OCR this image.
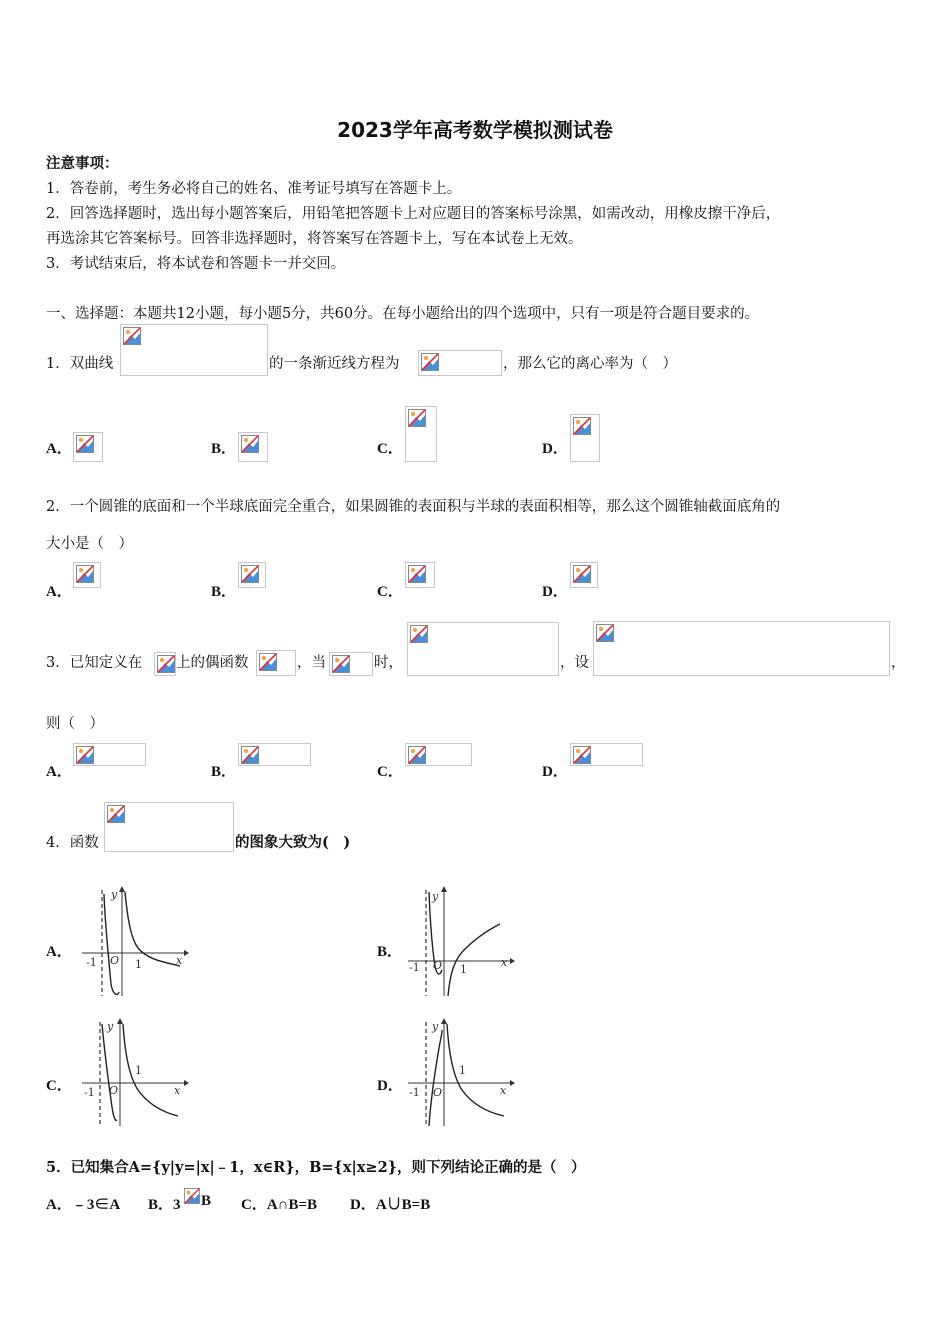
2023学年高考数学模拟测试卷
注意事项：
1．答卷前，考生务必将自己的姓名、准考证号填写在答题卡上。
2．回答选择题时，选出每小题答案后，用铅笔把答题卡上对应题目的答案标号涂黑，如需改动，用橡皮擦干净后，
再选涂其它答案标号。回答非选择题时，将答案写在答题卡上，写在本试卷上无效。
3．考试结束后，将本试卷和答题卡一并交回。
一、选择题：本题共12小题，每小题5分，共60分。在每小题给出的四个选项中，只有一项是符合题目要求的。
1．双曲线	的一条渐近线方程为	，那么它的离心率为（　）
A．	B．	C．	D．
2．一个圆锥的底面和一个半球底面完全重合，如果圆锥的表面积与半球的表面积相等，那么这个圆锥轴截面底角的
大小是（　）
A．	B．	C．	D．
3．已知定义在 上的偶函数	，当	时，	，设	，
则（　）
A．	B．	C．	D．
4．函数	的图象大致为(　)
A．
y
x
O
-1	1
B．
y
x
O
-1	1
C．
y
x
O
-1
1
D．
y
x
O
-1
1
5．已知集合A={y|y=|x|﹣1，x∈R}，B={x|x≥2}，则下列结论正确的是（　）
A．﹣3∈A B．3 B C．A∩B=B D．A∪B=B
